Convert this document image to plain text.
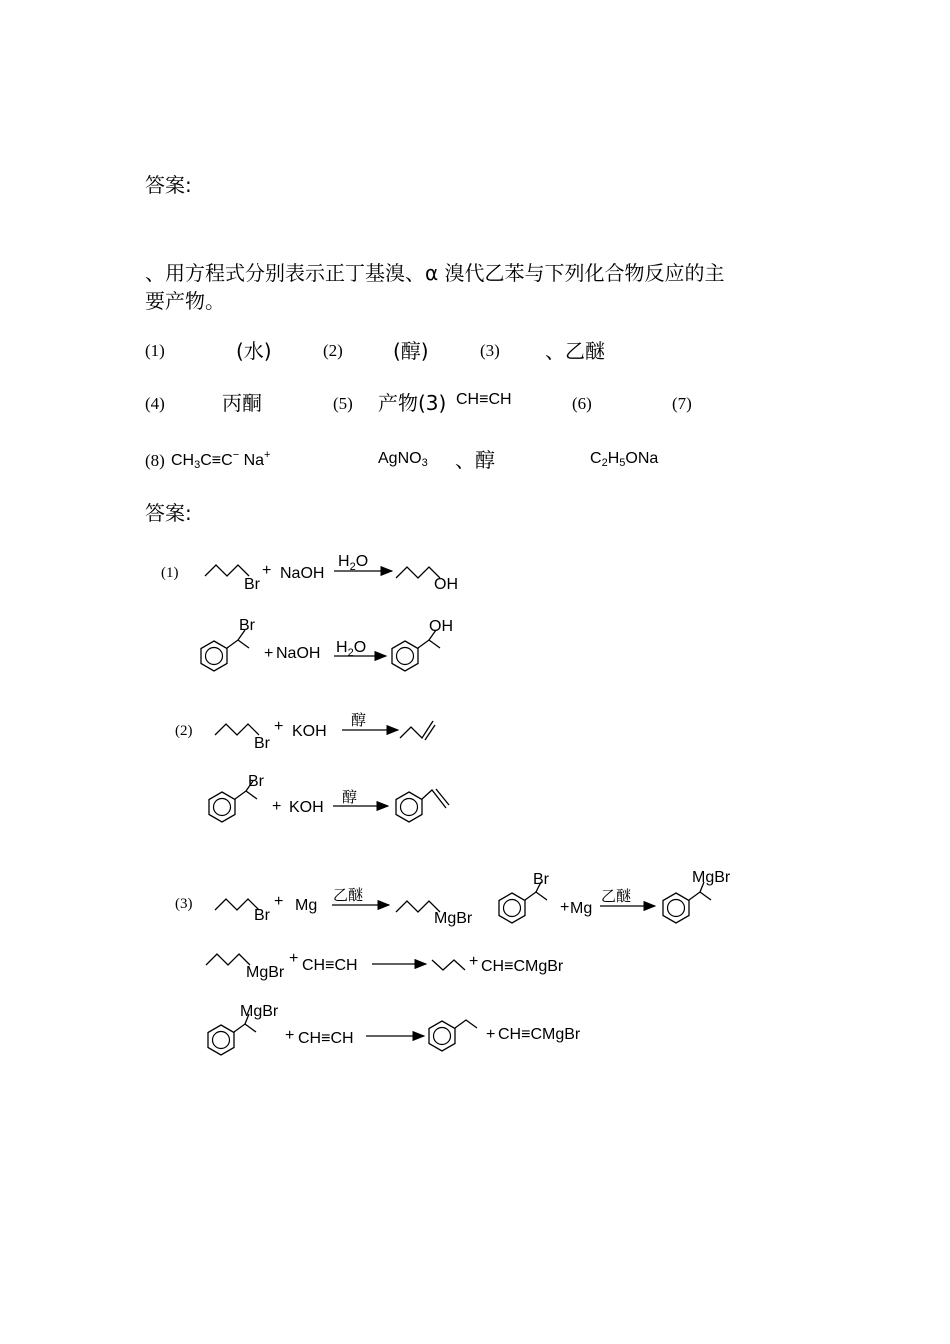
答案:
、用方程式分别表示正丁基溴、α 溴代乙苯与下列化合物反应的主
要产物。
(1)	(水)	(2)	(醇)	(3) 、乙醚
(4)	丙酮	(5) 产物(3) CH≡CH	(6)	(7)
(8) $CH_3C\equiv C^-$ Na+	AgNO$_3$ 、醇	$C_2H_5ONa$
答案:
(1)
Br
+ NaOH
$H_2O$
OH
Br
+ NaOH $H_2O$
OH
(2)
Br
+ KOH
醇
Br
+ KOH
醇
(3)
Br
+ Mg
乙醚
MgBr
Br
+ Mg
乙醚
MgBr
MgBr
+ CH≡CH	+ CH≡CMgBr
MgBr
+ CH≡CH	+ CH≡CMgBr
